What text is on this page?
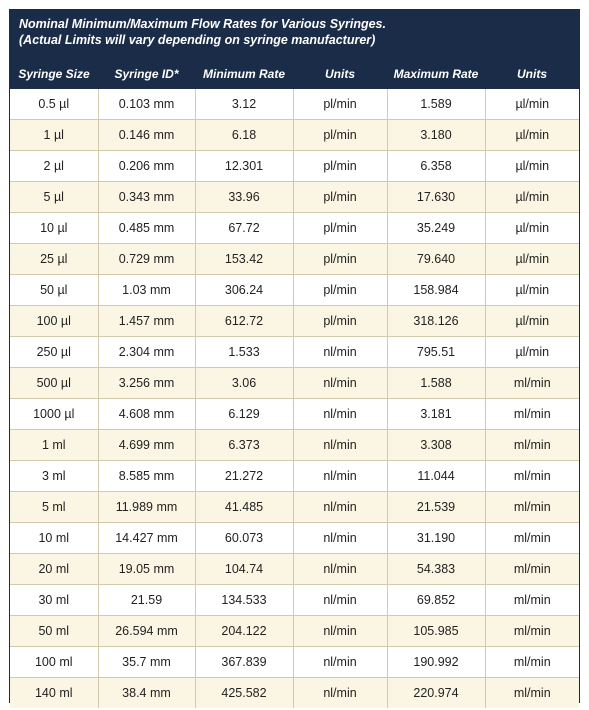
Nominal Minimum/Maximum Flow Rates for Various Syringes.
(Actual Limits will vary depending on syringe manufacturer)
Syringe Size	Syringe ID*	Minimum Rate	Units	Maximum Rate	Units
0.5 µl	0.103 mm	3.12	pl/min	1.589	µl/min
1 µl	0.146 mm	6.18	pl/min	3.180	µl/min
2 µl	0.206 mm	12.301	pl/min	6.358	µl/min
5 µl	0.343 mm	33.96	pl/min	17.630	µl/min
10 µl	0.485 mm	67.72	pl/min	35.249	µl/min
25 µl	0.729 mm	153.42	pl/min	79.640	µl/min
50 µl	1.03 mm	306.24	pl/min	158.984	µl/min
100 µl	1.457 mm	612.72	pl/min	318.126	µl/min
250 µl	2.304 mm	1.533	nl/min	795.51	µl/min
500 µl	3.256 mm	3.06	nl/min	1.588	ml/min
1000 µl	4.608 mm	6.129	nl/min	3.181	ml/min
1 ml	4.699 mm	6.373	nl/min	3.308	ml/min
3 ml	8.585 mm	21.272	nl/min	11.044	ml/min
5 ml	11.989 mm	41.485	nl/min	21.539	ml/min
10 ml	14.427 mm	60.073	nl/min	31.190	ml/min
20 ml	19.05 mm	104.74	nl/min	54.383	ml/min
30 ml	21.59	134.533	nl/min	69.852	ml/min
50 ml	26.594 mm	204.122	nl/min	105.985	ml/min
100 ml	35.7 mm	367.839	nl/min	190.992	ml/min
140 ml	38.4 mm	425.582	nl/min	220.974	ml/min
